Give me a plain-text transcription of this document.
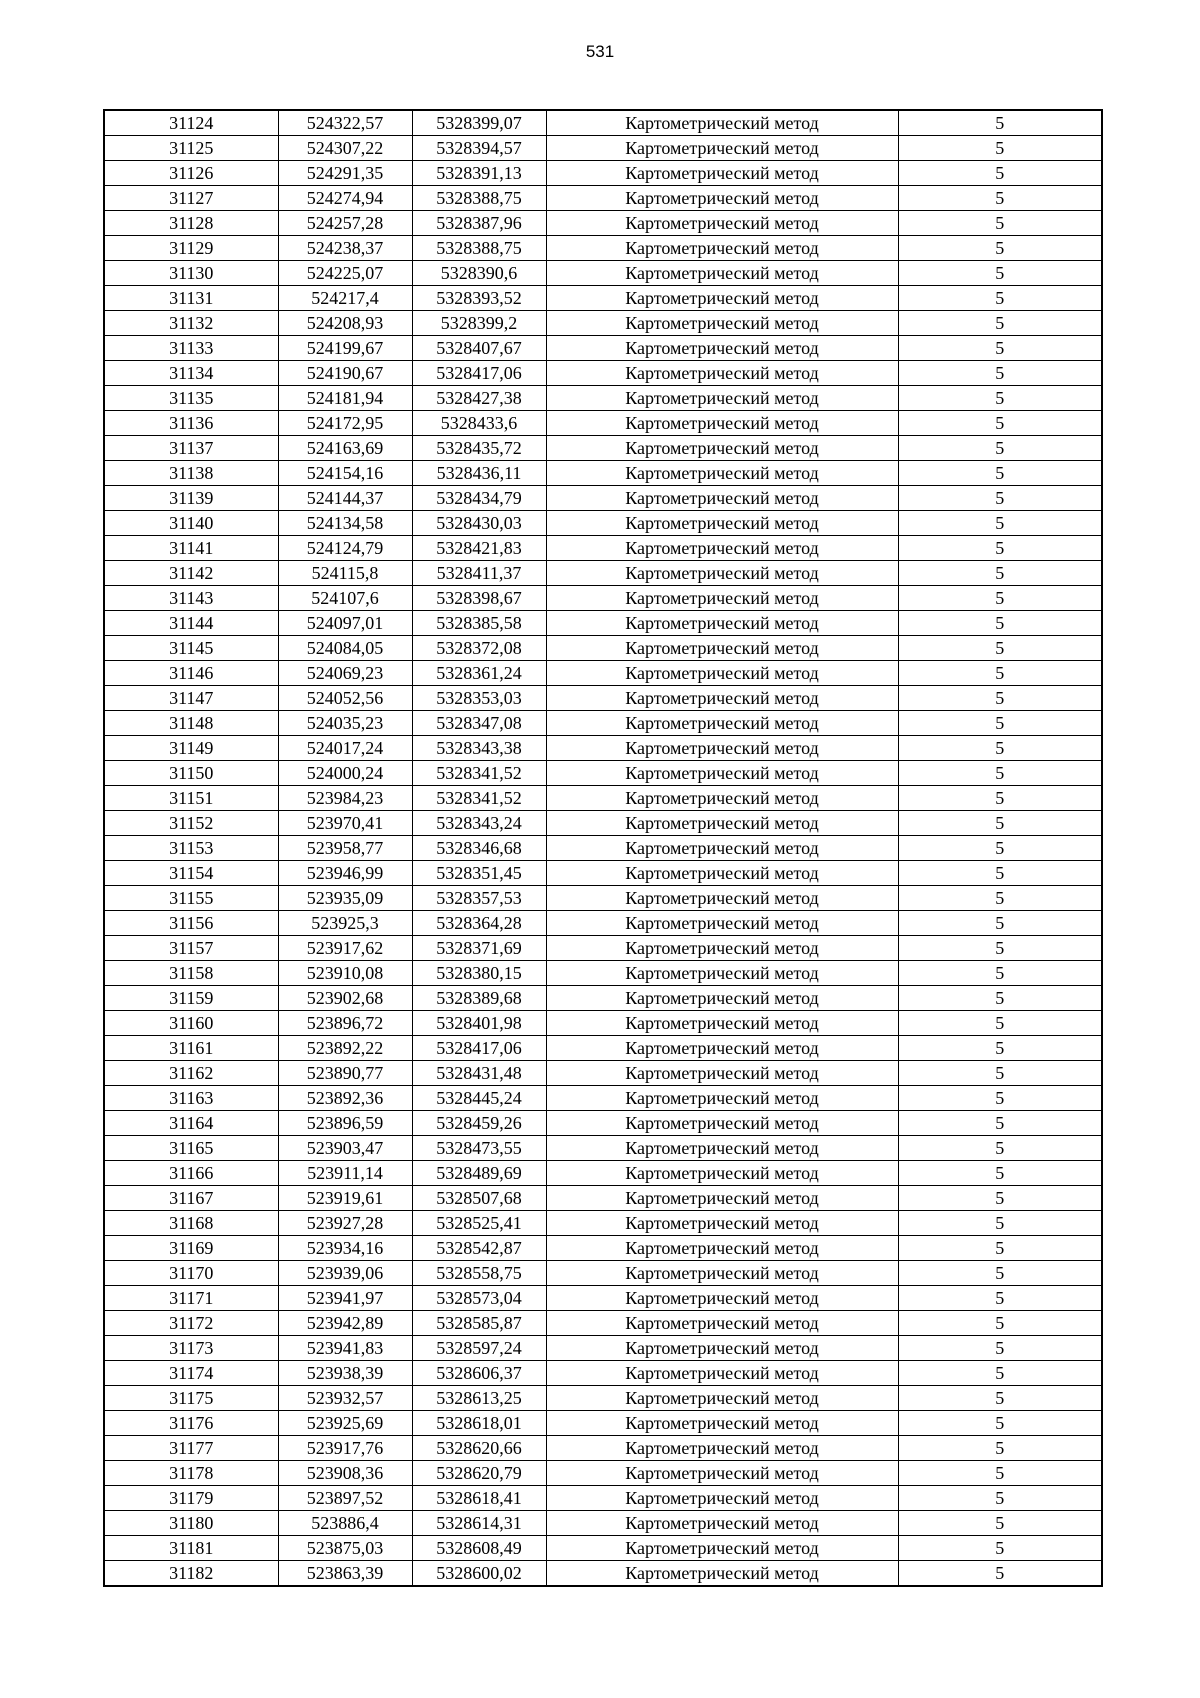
531
31124	524322,57	5328399,07	Картометрический метод	5
31125	524307,22	5328394,57	Картометрический метод	5
31126	524291,35	5328391,13	Картометрический метод	5
31127	524274,94	5328388,75	Картометрический метод	5
31128	524257,28	5328387,96	Картометрический метод	5
31129	524238,37	5328388,75	Картометрический метод	5
31130	524225,07	5328390,6	Картометрический метод	5
31131	524217,4	5328393,52	Картометрический метод	5
31132	524208,93	5328399,2	Картометрический метод	5
31133	524199,67	5328407,67	Картометрический метод	5
31134	524190,67	5328417,06	Картометрический метод	5
31135	524181,94	5328427,38	Картометрический метод	5
31136	524172,95	5328433,6	Картометрический метод	5
31137	524163,69	5328435,72	Картометрический метод	5
31138	524154,16	5328436,11	Картометрический метод	5
31139	524144,37	5328434,79	Картометрический метод	5
31140	524134,58	5328430,03	Картометрический метод	5
31141	524124,79	5328421,83	Картометрический метод	5
31142	524115,8	5328411,37	Картометрический метод	5
31143	524107,6	5328398,67	Картометрический метод	5
31144	524097,01	5328385,58	Картометрический метод	5
31145	524084,05	5328372,08	Картометрический метод	5
31146	524069,23	5328361,24	Картометрический метод	5
31147	524052,56	5328353,03	Картометрический метод	5
31148	524035,23	5328347,08	Картометрический метод	5
31149	524017,24	5328343,38	Картометрический метод	5
31150	524000,24	5328341,52	Картометрический метод	5
31151	523984,23	5328341,52	Картометрический метод	5
31152	523970,41	5328343,24	Картометрический метод	5
31153	523958,77	5328346,68	Картометрический метод	5
31154	523946,99	5328351,45	Картометрический метод	5
31155	523935,09	5328357,53	Картометрический метод	5
31156	523925,3	5328364,28	Картометрический метод	5
31157	523917,62	5328371,69	Картометрический метод	5
31158	523910,08	5328380,15	Картометрический метод	5
31159	523902,68	5328389,68	Картометрический метод	5
31160	523896,72	5328401,98	Картометрический метод	5
31161	523892,22	5328417,06	Картометрический метод	5
31162	523890,77	5328431,48	Картометрический метод	5
31163	523892,36	5328445,24	Картометрический метод	5
31164	523896,59	5328459,26	Картометрический метод	5
31165	523903,47	5328473,55	Картометрический метод	5
31166	523911,14	5328489,69	Картометрический метод	5
31167	523919,61	5328507,68	Картометрический метод	5
31168	523927,28	5328525,41	Картометрический метод	5
31169	523934,16	5328542,87	Картометрический метод	5
31170	523939,06	5328558,75	Картометрический метод	5
31171	523941,97	5328573,04	Картометрический метод	5
31172	523942,89	5328585,87	Картометрический метод	5
31173	523941,83	5328597,24	Картометрический метод	5
31174	523938,39	5328606,37	Картометрический метод	5
31175	523932,57	5328613,25	Картометрический метод	5
31176	523925,69	5328618,01	Картометрический метод	5
31177	523917,76	5328620,66	Картометрический метод	5
31178	523908,36	5328620,79	Картометрический метод	5
31179	523897,52	5328618,41	Картометрический метод	5
31180	523886,4	5328614,31	Картометрический метод	5
31181	523875,03	5328608,49	Картометрический метод	5
31182	523863,39	5328600,02	Картометрический метод	5
